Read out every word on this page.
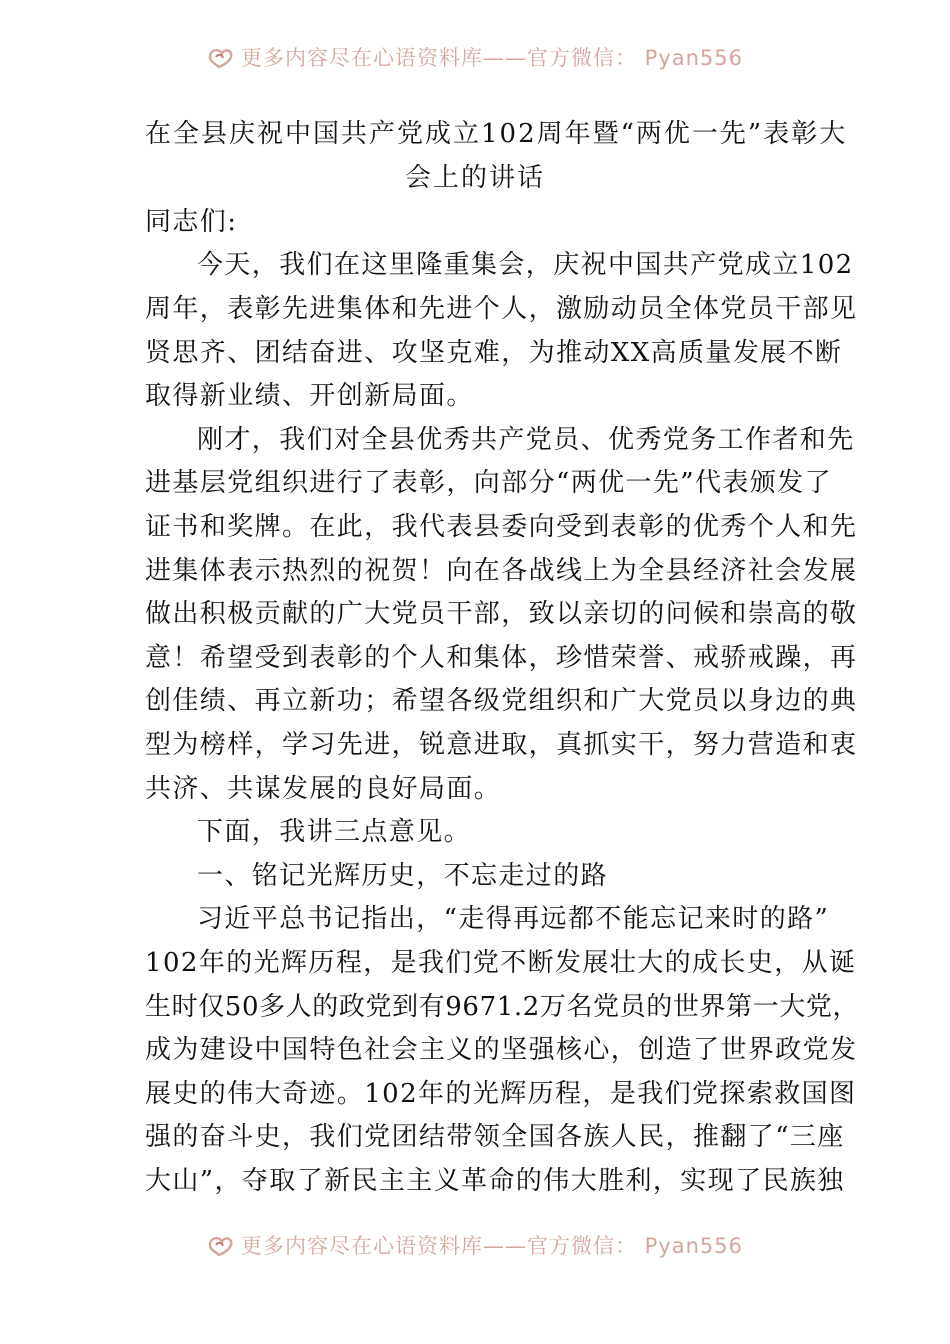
更多内容尽在心语资料库——官方微信： Pyan556
在全县庆祝中国共产党成立102周年暨“两优一先”表彰大
会上的讲话
同志们:
今天，我们在这里隆重集会，庆祝中国共产党成立102
周年，表彰先进集体和先进个人，激励动员全体党员干部见
贤思齐、团结奋进、攻坚克难，为推动XX高质量发展不断
取得新业绩、开创新局面。
刚才，我们对全县优秀共产党员、优秀党务工作者和先
进基层党组织进行了表彰，向部分“两优一先”代表颁发了
证书和奖牌。在此，我代表县委向受到表彰的优秀个人和先
进集体表示热烈的祝贺！向在各战线上为全县经济社会发展
做出积极贡献的广大党员干部，致以亲切的问候和崇高的敬
意！希望受到表彰的个人和集体，珍惜荣誉、戒骄戒躁，再
创佳绩、再立新功；希望各级党组织和广大党员以身边的典
型为榜样，学习先进，锐意进取，真抓实干，努力营造和衷
共济、共谋发展的良好局面。
下面，我讲三点意见。
一、铭记光辉历史，不忘走过的路
习近平总书记指出，“走得再远都不能忘记来时的路”
102年的光辉历程，是我们党不断发展壮大的成长史，从诞
生时仅50多人的政党到有9671.2万名党员的世界第一大党，
成为建设中国特色社会主义的坚强核心，创造了世界政党发
展史的伟大奇迹。102年的光辉历程，是我们党探索救国图
强的奋斗史，我们党团结带领全国各族人民，推翻了“三座
大山”，夺取了新民主主义革命的伟大胜利，实现了民族独
更多内容尽在心语资料库——官方微信： Pyan556
